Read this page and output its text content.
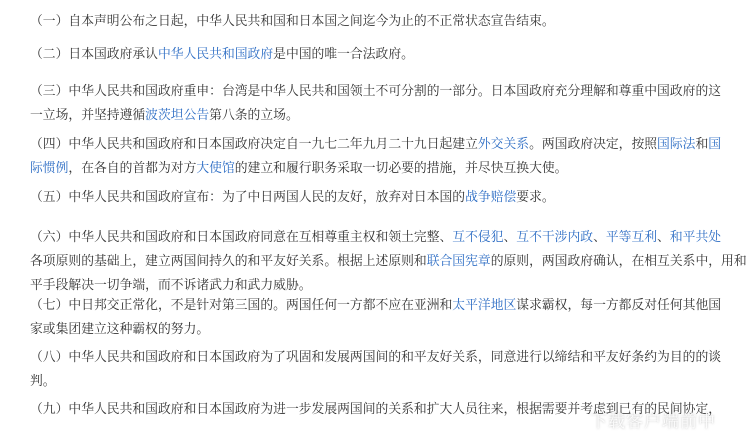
（一）自本声明公布之日起，中华人民共和国和日本国之间迄今为止的不正常状态宣告结束。

（二）日本国政府承认中华人民共和国政府是中国的唯一合法政府。

（三）中华人民共和国政府重申：台湾是中华人民共和国领土不可分割的一部分。日本国政府充分理解和尊重中国政府的这
一立场，并坚持遵循波茨坦公告第八条的立场。

（四）中华人民共和国政府和日本国政府决定自一九七二年九月二十九日起建立外交关系。两国政府决定，按照国际法和国
际惯例，在各自的首都为对方大使馆的建立和履行职务采取一切必要的措施，并尽快互换大使。

（五）中华人民共和国政府宣布：为了中日两国人民的友好，放弃对日本国的战争赔偿要求。

（六）中华人民共和国政府和日本国政府同意在互相尊重主权和领土完整、互不侵犯、互不干涉内政、平等互利、和平共处
各项原则的基础上，建立两国间持久的和平友好关系。根据上述原则和联合国宪章的原则，两国政府确认，在相互关系中，用和
平手段解决一切争端，而不诉诸武力和武力威胁。

（七）中日邦交正常化，不是针对第三国的。两国任何一方都不应在亚洲和太平洋地区谋求霸权，每一方都反对任何其他国
家或集团建立这种霸权的努力。

（八）中华人民共和国政府和日本国政府为了巩固和发展两国间的和平友好关系，同意进行以缔结和平友好条约为目的的谈
判。

（九）中华人民共和国政府和日本国政府为进一步发展两国间的关系和扩大人员往来，根据需要并考虑到已有的民间协定，

下载客户端前中
